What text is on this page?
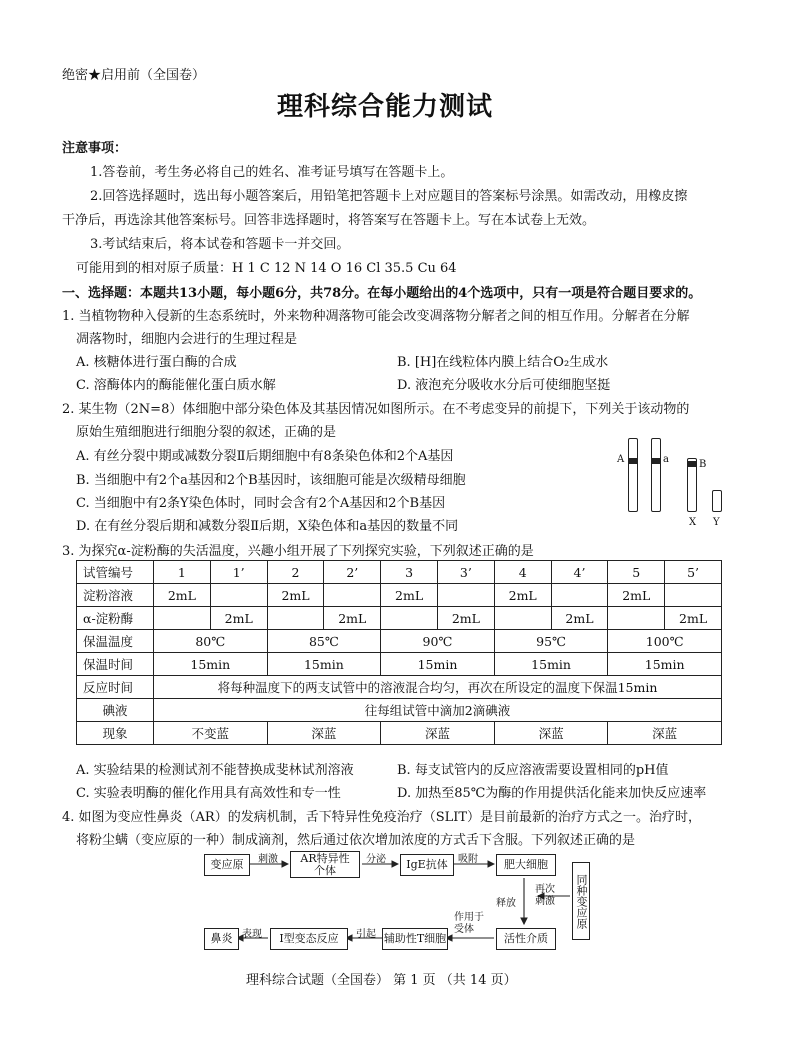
绝密★启用前（全国卷）
理科综合能力测试
注意事项：
1.答卷前，考生务必将自己的姓名、准考证号填写在答题卡上。
2.回答选择题时，选出每小题答案后，用铅笔把答题卡上对应题目的答案标号涂黑。如需改动，用橡皮擦
干净后，再选涂其他答案标号。回答非选择题时，将答案写在答题卡上。写在本试卷上无效。
3.考试结束后，将本试卷和答题卡一并交回。
可能用到的相对原子质量：H 1 C 12 N 14 O 16 Cl 35.5 Cu 64
一、选择题：本题共13小题，每小题6分，共78分。在每小题给出的4个选项中，只有一项是符合题目要求的。
1. 当植物物种入侵新的生态系统时，外来物种凋落物可能会改变凋落物分解者之间的相互作用。分解者在分解
凋落物时，细胞内会进行的生理过程是
A. 核糖体进行蛋白酶的合成	B. [H]在线粒体内膜上结合O₂生成水
C. 溶酶体内的酶能催化蛋白质水解	D. 液泡充分吸收水分后可使细胞坚挺
2. 某生物（2N=8）体细胞中部分染色体及其基因情况如图所示。在不考虑变异的前提下，下列关于该动物的
原始生殖细胞进行细胞分裂的叙述，正确的是
A. 有丝分裂中期或减数分裂Ⅱ后期细胞中有8条染色体和2个A基因
B. 当细胞中有2个a基因和2个B基因时，该细胞可能是次级精母细胞
C. 当细胞中有2条Y染色体时，同时会含有2个A基因和2个B基因
D. 在有丝分裂后期和减数分裂Ⅱ后期，X染色体和a基因的数量不同
A	a	B
X Y
3. 为探究α-淀粉酶的失活温度，兴趣小组开展了下列探究实验，下列叙述正确的是
试管编号	1	1’	2	2’	3	3’	4	4’	5	5’
淀粉溶液	2mL		2mL		2mL		2mL		2mL	
α-淀粉酶		2mL		2mL		2mL		2mL		2mL
保温温度	80℃		85℃		90℃		95℃		100℃	
保温时间	15min		15min		15min		15min		15min	
反应时间	将每种温度下的两支试管中的溶液混合均匀，再次在所设定的温度下保温15min									
碘液	往每组试管中滴加2滴碘液									
现象	不变蓝		深蓝		深蓝		深蓝		深蓝	
A. 实验结果的检测试剂不能替换成斐林试剂溶液	B. 每支试管内的反应溶液需要设置相同的pH值
C. 实验表明酶的催化作用具有高效性和专一性	D. 加热至85℃为酶的作用提供活化能来加快反应速率
4. 如图为变应性鼻炎（AR）的发病机制，舌下特异性免疫治疗（SLIT）是目前最新的治疗方式之一。治疗时，
将粉尘螨（变应原的一种）制成滴剂，然后通过依次增加浓度的方式舌下含服。下列叙述正确的是
变应原	AR特异性个体	IgE抗体	肥大细胞
同种变应原
活性介质
辅助性T细胞
I型变态反应
鼻炎
刺激	分泌	吸附
再次刺激
释放
作用于受体
引起
表现
理科综合试题（全国卷） 第 1 页 （共 14 页）
